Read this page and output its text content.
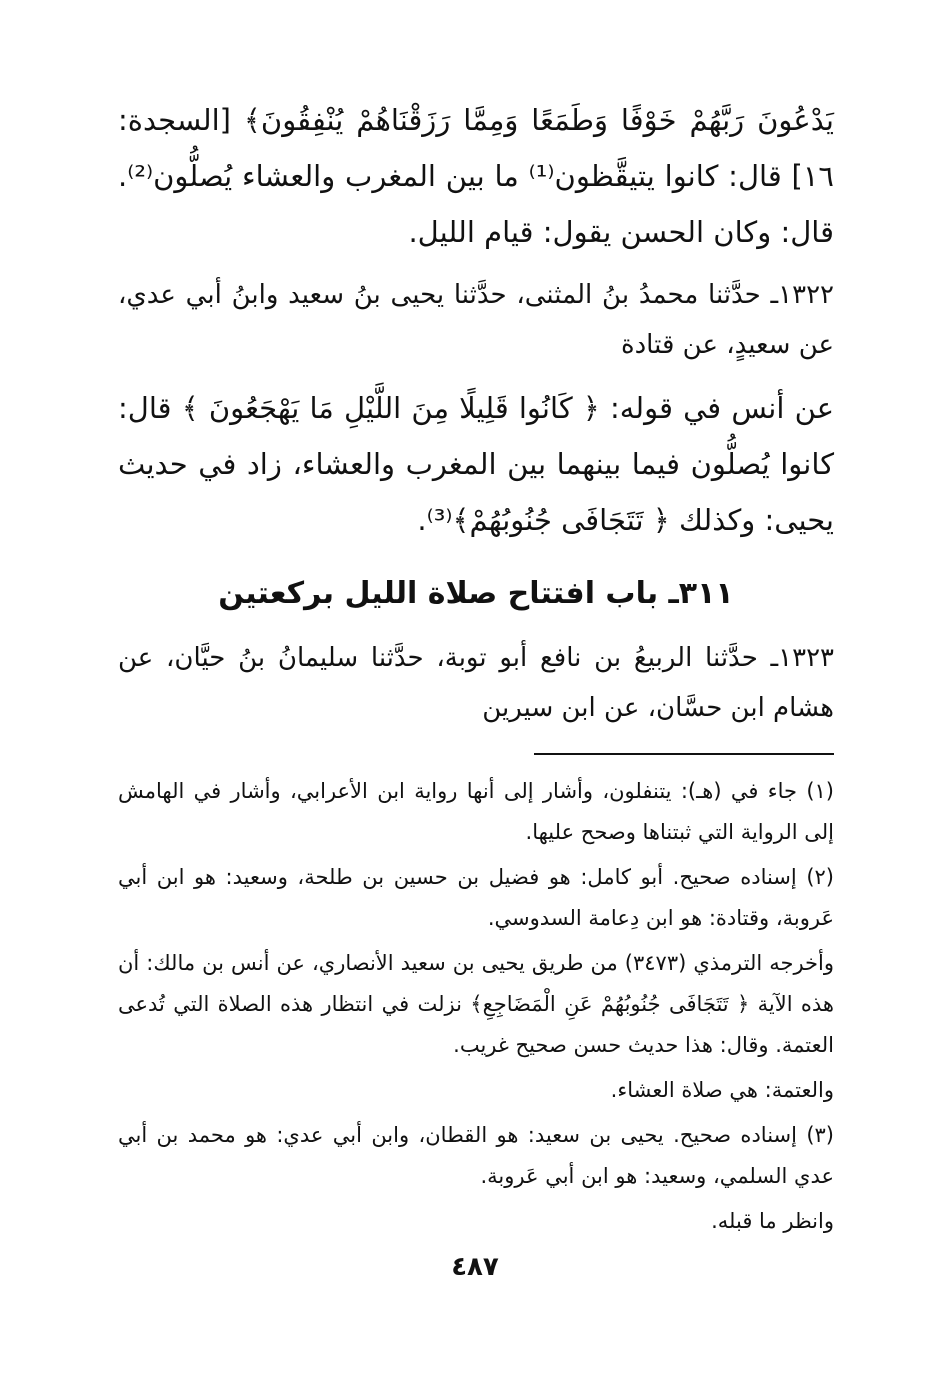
يَدْعُونَ رَبَّهُمْ خَوْفًا وَطَمَعًا وَمِمَّا رَزَقْنَاهُمْ يُنْفِقُونَ﴾ [السجدة: ١٦] قال: كانوا يتيقَّظون⁽¹⁾ ما بين المغرب والعشاء يُصلُّون⁽²⁾. قال: وكان الحسن يقول: قيام الليل.

١٣٢٢ـ حدَّثنا محمدُ بنُ المثنى، حدَّثنا يحيى بنُ سعيد وابنُ أبي عدي، عن سعيدٍ، عن قتادة

عن أنس في قوله: ﴿ كَانُوا قَلِيلًا مِنَ اللَّيْلِ مَا يَهْجَعُونَ ﴾ قال: كانوا يُصلُّون فيما بينهما بين المغرب والعشاء، زاد في حديث يحيى: وكذلك ﴿ تَتَجَافَى جُنُوبُهُمْ﴾⁽³⁾.

٣١١ـ باب افتتاح صلاة الليل بركعتين

١٣٢٣ـ حدَّثنا الربيعُ بن نافع أبو توبة، حدَّثنا سليمانُ بنُ حيَّان، عن هشام ابن حسَّان، عن ابن سيرين

(١) جاء في (هـ): يتنفلون، وأشار إلى أنها رواية ابن الأعرابي، وأشار في الهامش إلى الرواية التي ثبتناها وصحح عليها.

(٢) إسناده صحيح. أبو كامل: هو فضيل بن حسين بن طلحة، وسعيد: هو ابن أبي عَروبة، وقتادة: هو ابن دِعامة السدوسي.

وأخرجه الترمذي (٣٤٧٣) من طريق يحيى بن سعيد الأنصاري، عن أنس بن مالك: أن هذه الآية ﴿ تَتَجَافَى جُنُوبُهُمْ عَنِ الْمَضَاجِعِ﴾ نزلت في انتظار هذه الصلاة التي تُدعى العتمة. وقال: هذا حديث حسن صحيح غريب.

والعتمة: هي صلاة العشاء.

(٣) إسناده صحيح. يحيى بن سعيد: هو القطان، وابن أبي عدي: هو محمد بن أبي عدي السلمي، وسعيد: هو ابن أبي عَروبة.

وانظر ما قبله.

٤٨٧
